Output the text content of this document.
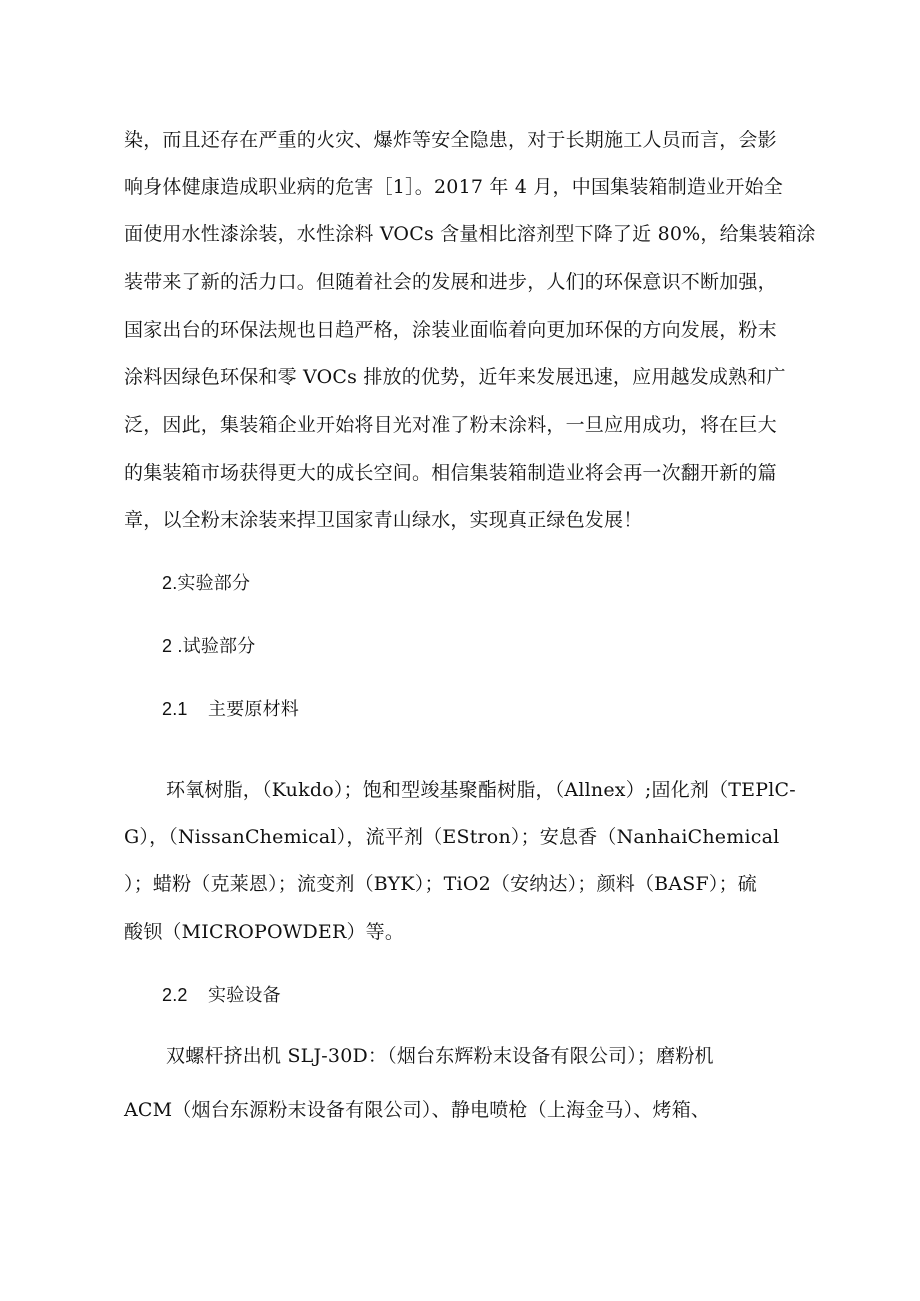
染，而且还存在严重的火灾、爆炸等安全隐患，对于长期施工人员而言，会影
响身体健康造成职业病的危害［1］。2017 年 4 月，中国集装箱制造业开始全
面使用水性漆涂装，水性涂料 VOCs 含量相比溶剂型下降了近 80%，给集装箱涂
装带来了新的活力口。但随着社会的发展和进步，人们的环保意识不断加强，
国家出台的环保法规也日趋严格，涂装业面临着向更加环保的方向发展，粉末
涂料因绿色环保和零 VOCs 排放的优势，近年来发展迅速，应用越发成熟和广
泛，因此，集装箱企业开始将目光对准了粉末涂料，一旦应用成功，将在巨大
的集装箱市场获得更大的成长空间。相信集装箱制造业将会再一次翻开新的篇
章，以全粉末涂装来捍卫国家青山绿水，实现真正绿色发展！
2.实验部分
2 .试验部分
2.1 主要原材料
环氧树脂，（Kukdo）；饱和型竣基聚酯树脂，（Allnex）;固化剂（TEPlC-
G），（NissanChemical），流平剂（EStron）；安息香（NanhaiChemical
）；蜡粉（克莱恩）；流变剂（BYK）；TiO2（安纳达）；颜料（BASF）；硫
酸钡（MICROPOWDER）等。
2.2 实验设备
双螺杆挤出机 SLJ-30D：（烟台东辉粉末设备有限公司）；磨粉机
ACM（烟台东源粉末设备有限公司）、静电喷枪（上海金马）、烤箱、
